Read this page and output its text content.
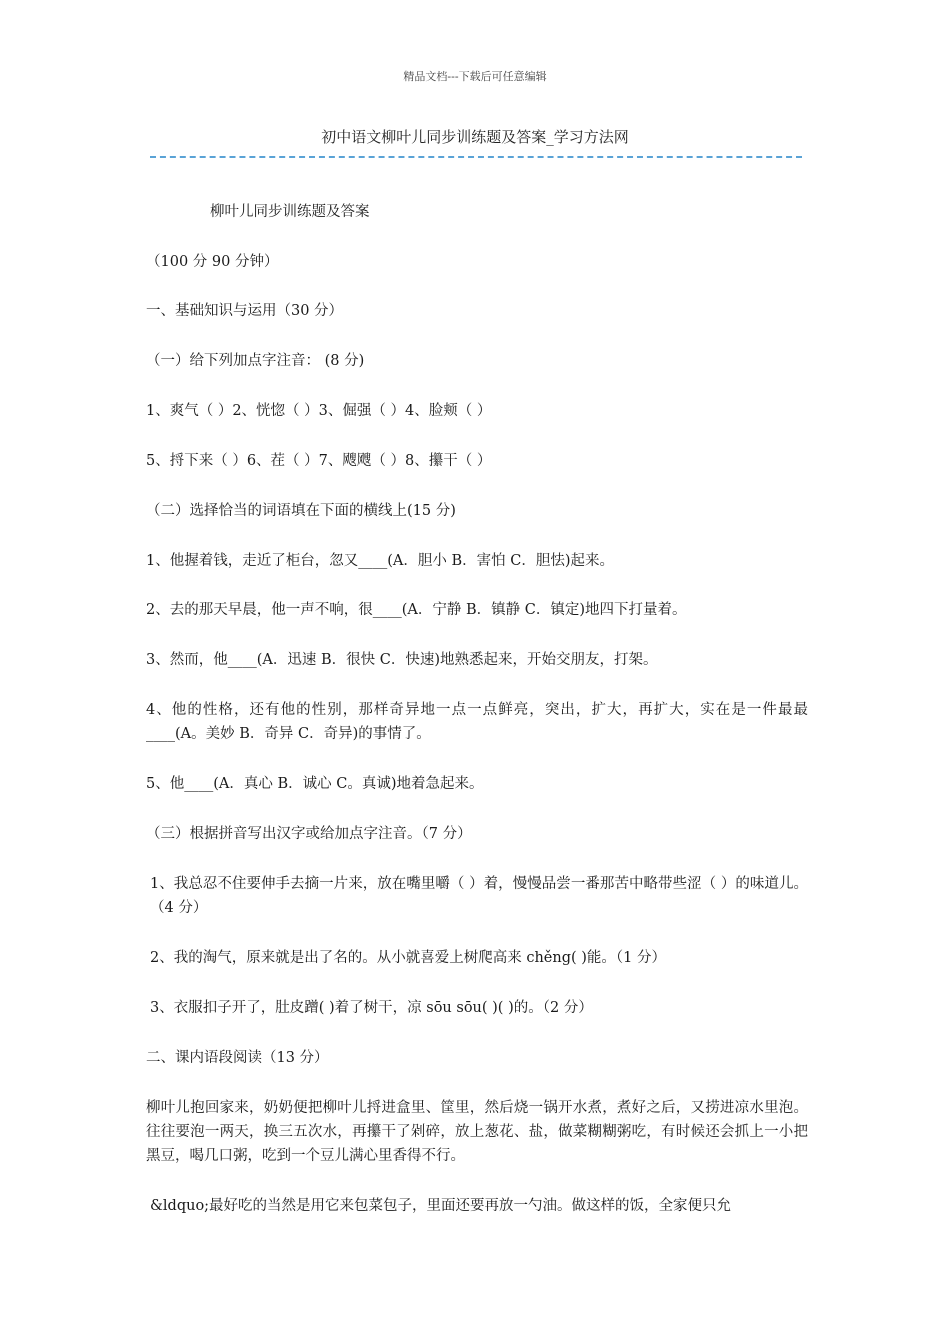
精品文档---下载后可任意编辑
初中语文柳叶儿同步训练题及答案_学习方法网
柳叶儿同步训练题及答案
（100 分 90 分钟）
一、基础知识与运用（30 分）
（一）给下列加点字注音： (8 分)
1、爽气（ ）2、恍惚（ ）3、倔强（ ）4、脸颊（ ）
5、捋下来（ ）6、茬（ ）7、飕飕（ ）8、攥干（ ）
（二）选择恰当的词语填在下面的横线上(15 分)
1、他握着钱，走近了柜台，忽又____(A．胆小 B．害怕 C．胆怯)起来。
2、去的那天早晨，他一声不响，很____(A．宁静 B．镇静 C．镇定)地四下打量着。
3、然而，他____(A．迅速 B．很快 C．快速)地熟悉起来，开始交朋友，打架。
4、他的性格，还有他的性别，那样奇异地一点一点鲜亮，突出，扩大，再扩大，实在是一件最最____(A。美妙 B．奇异 C．奇异)的事情了。
5、他____(A．真心 B．诚心 C。真诚)地着急起来。
（三）根据拼音写出汉字或给加点字注音。（7 分）
1、我总忍不住要伸手去摘一片来，放在嘴里嚼（ ）着，慢慢品尝一番那苦中略带些涩（ ）的味道儿。（4 分）
2、我的淘气，原来就是出了名的。从小就喜爱上树爬高来 chěng( )能。（1 分）
3、衣服扣子开了，肚皮蹭( )着了树干，凉 sōu sōu( )( )的。（2 分）
二、课内语段阅读（13 分）
柳叶儿抱回家来，奶奶便把柳叶儿捋进盒里、筐里，然后烧一锅开水煮，煮好之后，又捞进凉水里泡。往往要泡一两天，换三五次水，再攥干了剁碎，放上葱花、盐，做菜糊糊粥吃，有时候还会抓上一小把黑豆，喝几口粥，吃到一个豆儿满心里香得不行。
&ldquo;最好吃的当然是用它来包菜包子，里面还要再放一勺油。做这样的饭，全家便只允
